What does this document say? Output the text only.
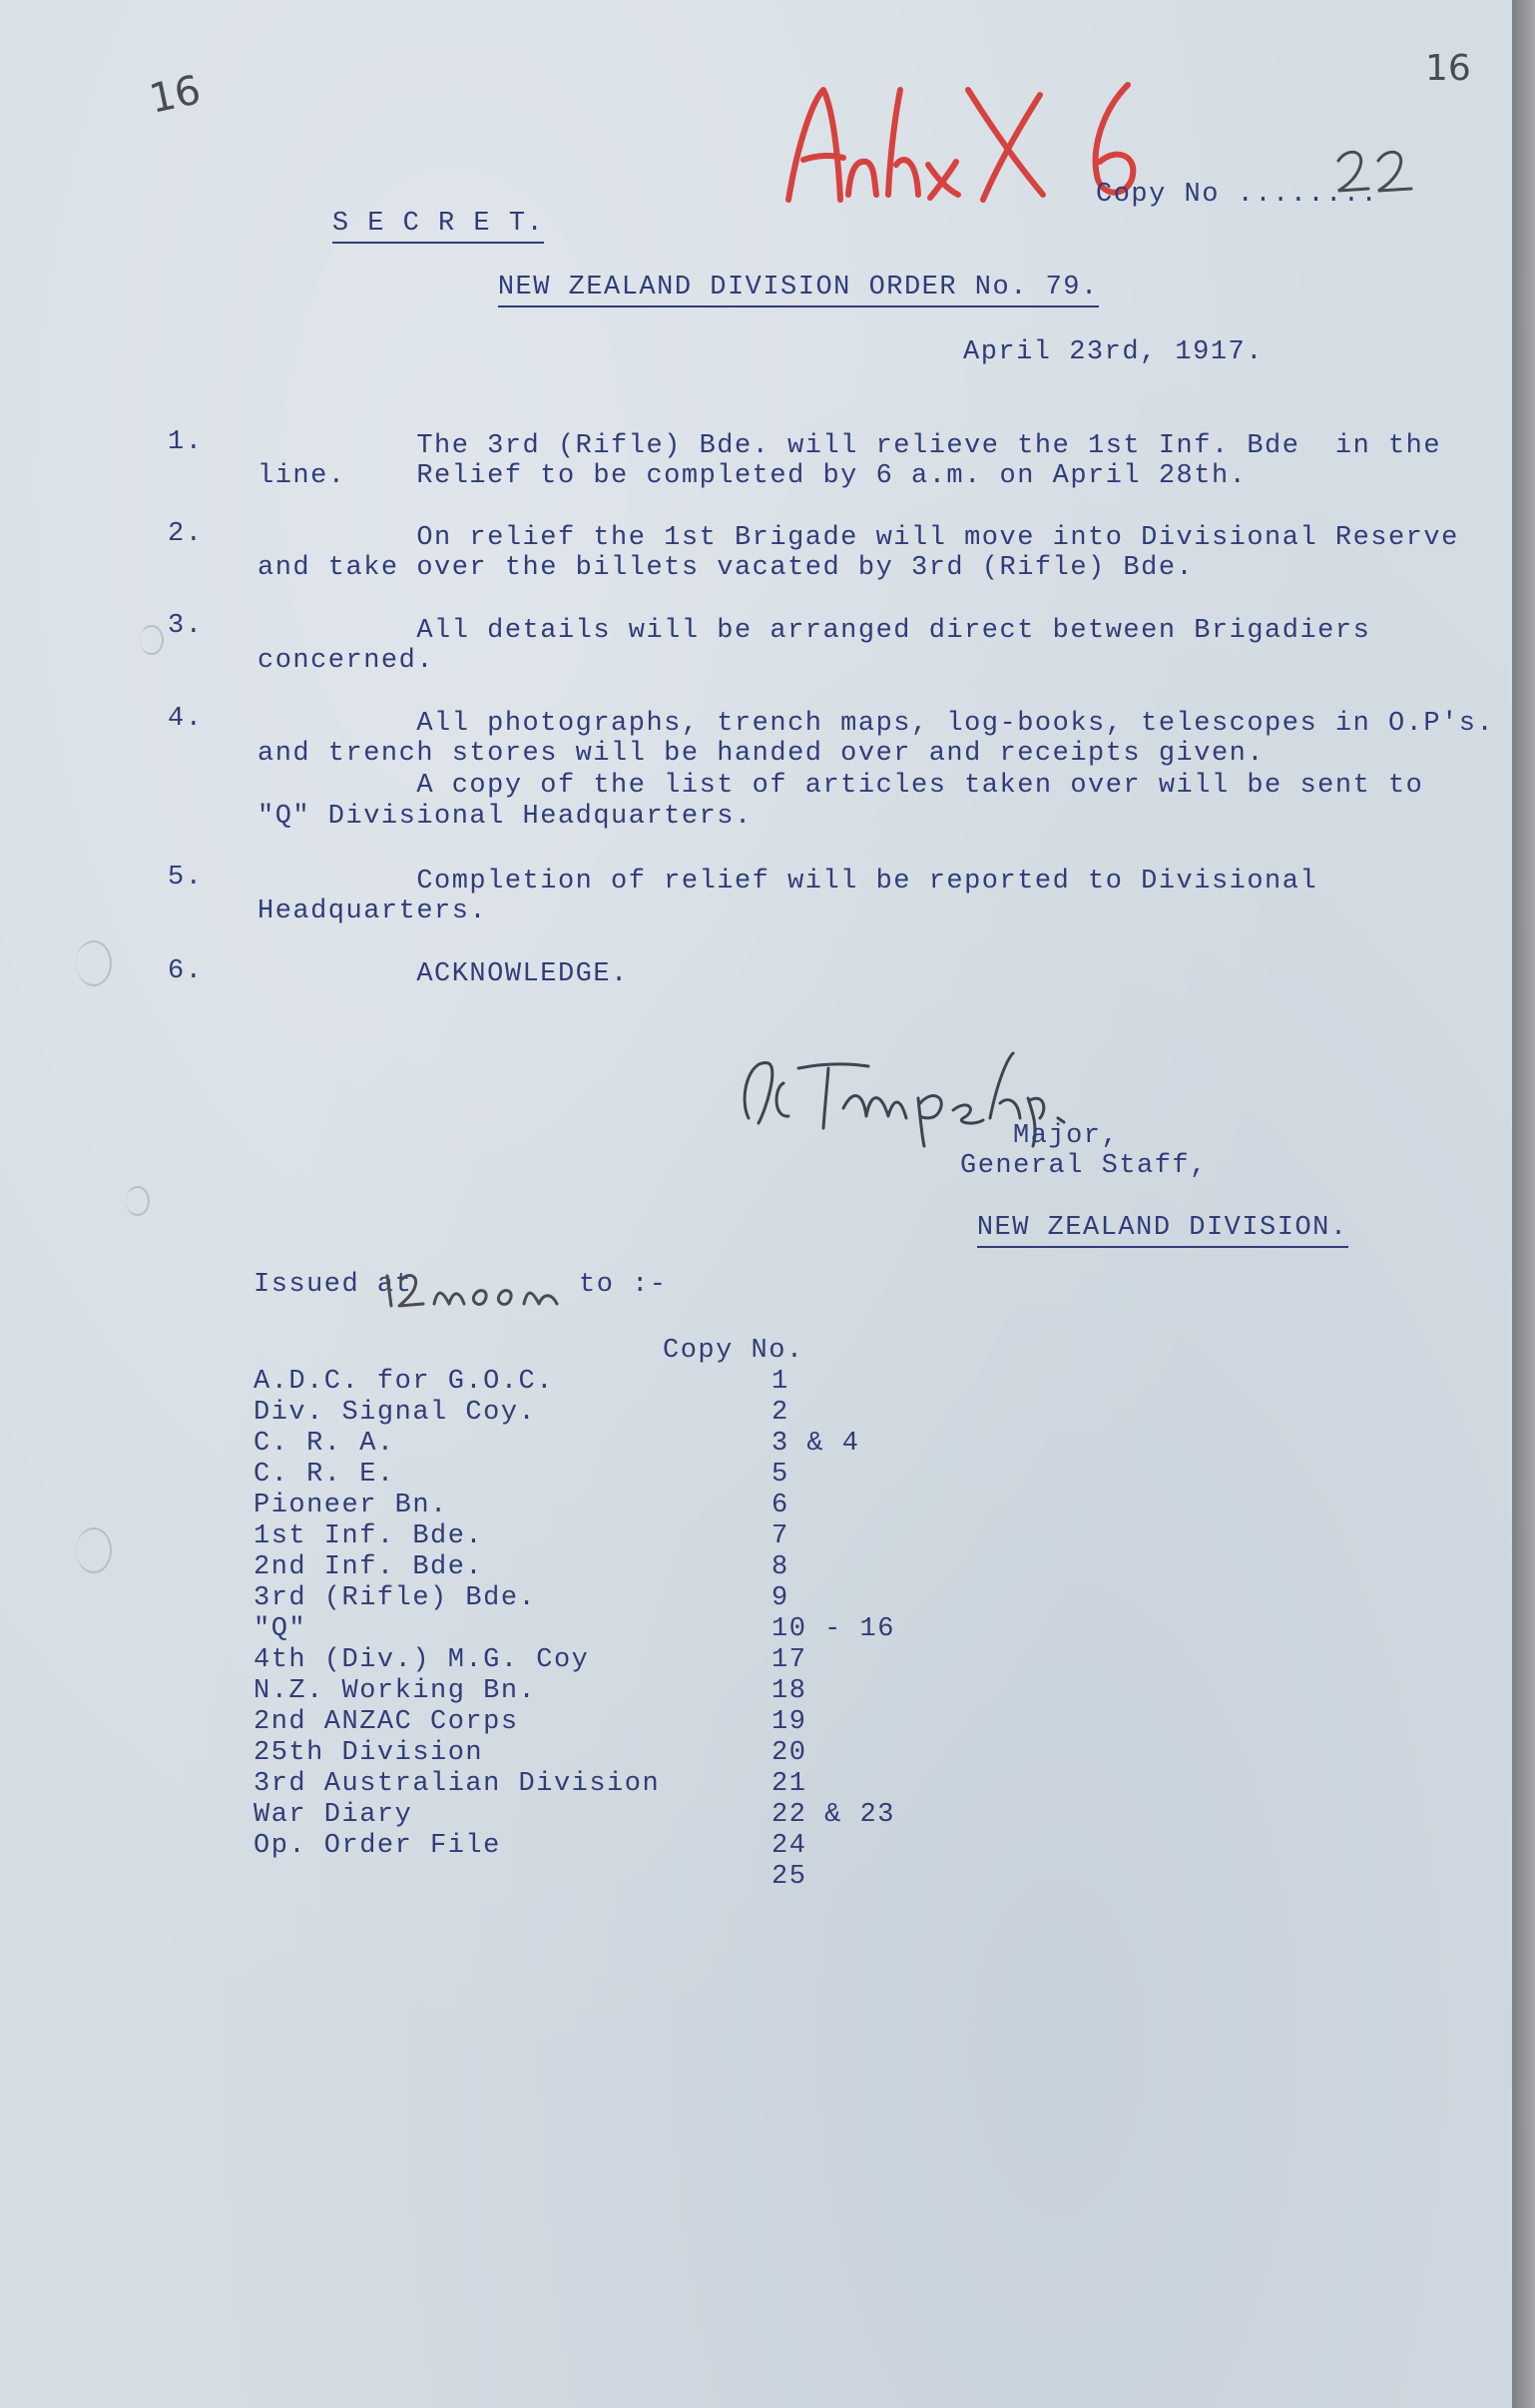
16	16

S E C R E T.

Copy No ........

NEW ZEALAND DIVISION ORDER No. 79.

April 23rd, 1917.
1. The 3rd (Rifle) Bde. will relieve the 1st Inf. Bde  in the
line.    Relief to be completed by 6 a.m. on April 28th.
2. On relief the 1st Brigade will move into Divisional Reserve
and take over the billets vacated by 3rd (Rifle) Bde.
3. All details will be arranged direct between Brigadiers
concerned.
4. All photographs, trench maps, log-books, telescopes in O.P's.
and trench stores will be handed over and receipts given.
A copy of the list of articles taken over will be sent to
"Q" Divisional Headquarters.
5. Completion of relief will be reported to Divisional
Headquarters.
6. ACKNOWLEDGE.
Major,
General Staff,

NEW ZEALAND DIVISION.

Issued at	to :-
Copy No.
A.D.C. for G.O.C.	1
Div. Signal Coy.	2
C. R. A.	3 & 4
C. R. E.	5
Pioneer Bn.	6
1st Inf. Bde.	7
2nd Inf. Bde.	8
3rd (Rifle) Bde.	9
"Q"	10 - 16
4th (Div.) M.G. Coy	17
N.Z. Working Bn.	18
2nd ANZAC Corps	19
25th Division	20
3rd Australian Division	21
War Diary	22 & 23
Op. Order File	24
25
